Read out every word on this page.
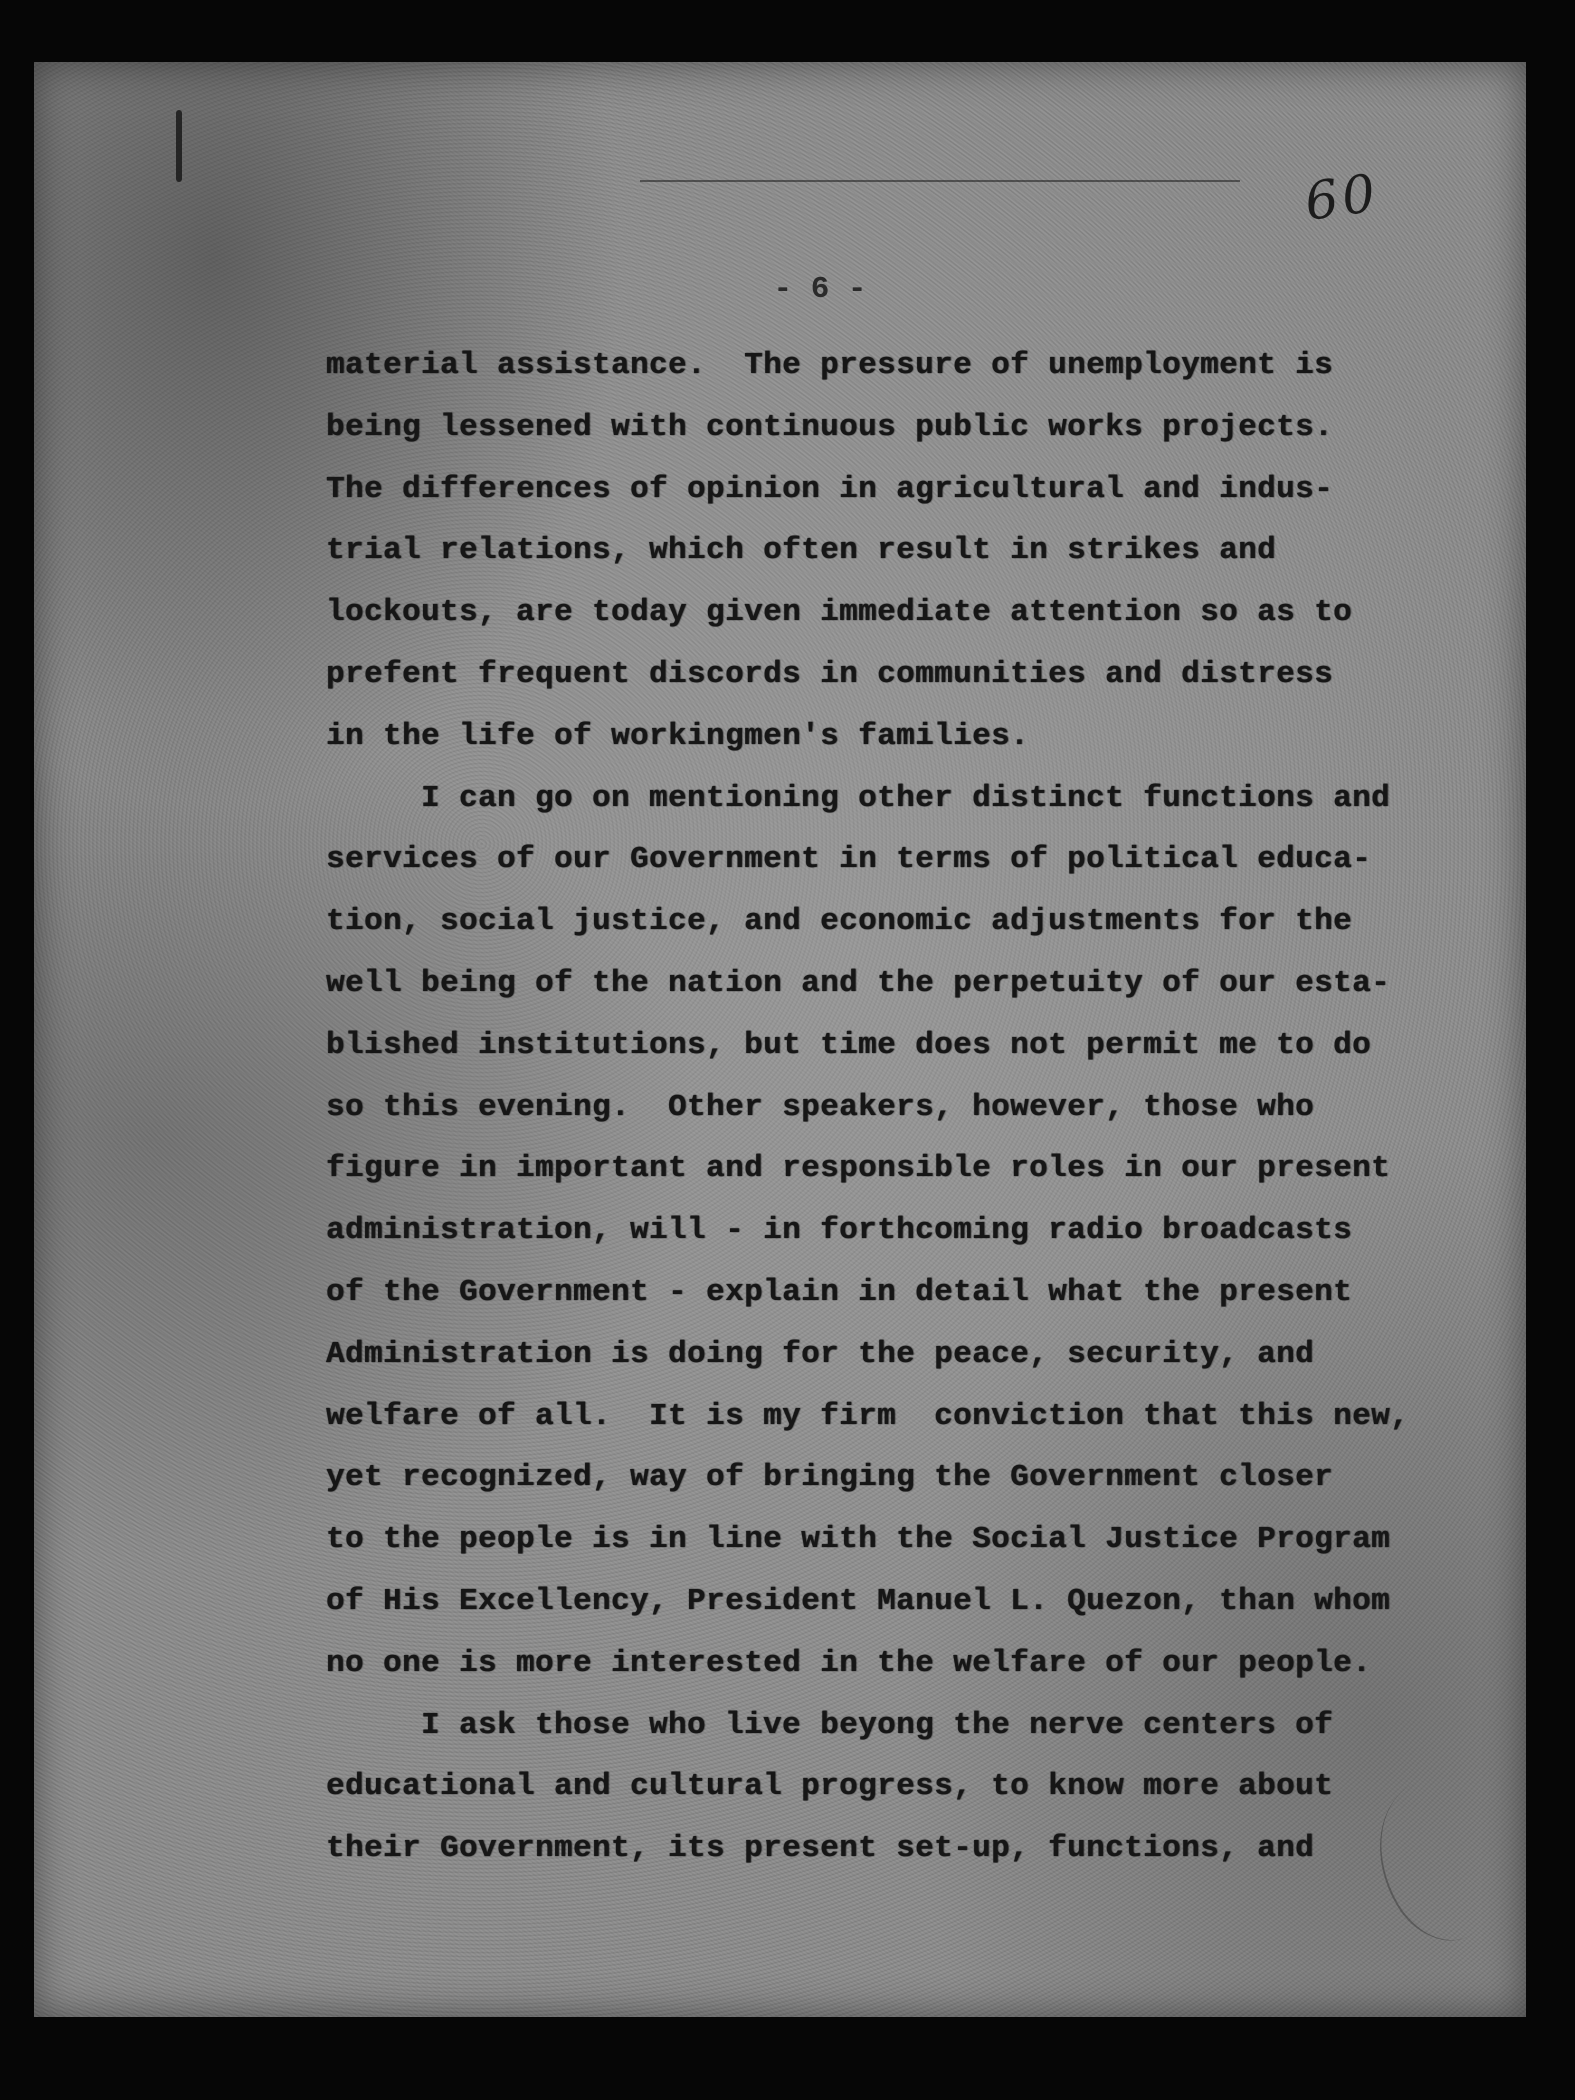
60
- 6 -
material assistance.  The pressure of unemployment is
being lessened with continuous public works projects.
The differences of opinion in agricultural and indus-
trial relations, which often result in strikes and
lockouts, are today given immediate attention so as to
prefent frequent discords in communities and distress
in the life of workingmen's families.
I can go on mentioning other distinct functions and
services of our Government in terms of political educa-
tion, social justice, and economic adjustments for the
well being of the nation and the perpetuity of our esta-
blished institutions, but time does not permit me to do
so this evening.  Other speakers, however, those who
figure in important and responsible roles in our present
administration, will - in forthcoming radio broadcasts
of the Government - explain in detail what the present
Administration is doing for the peace, security, and
welfare of all.  It is my firm  conviction that this new,
yet recognized, way of bringing the Government closer
to the people is in line with the Social Justice Program
of His Excellency, President Manuel L. Quezon, than whom
no one is more interested in the welfare of our people.
I ask those who live beyong the nerve centers of
educational and cultural progress, to know more about
their Government, its present set-up, functions, and
